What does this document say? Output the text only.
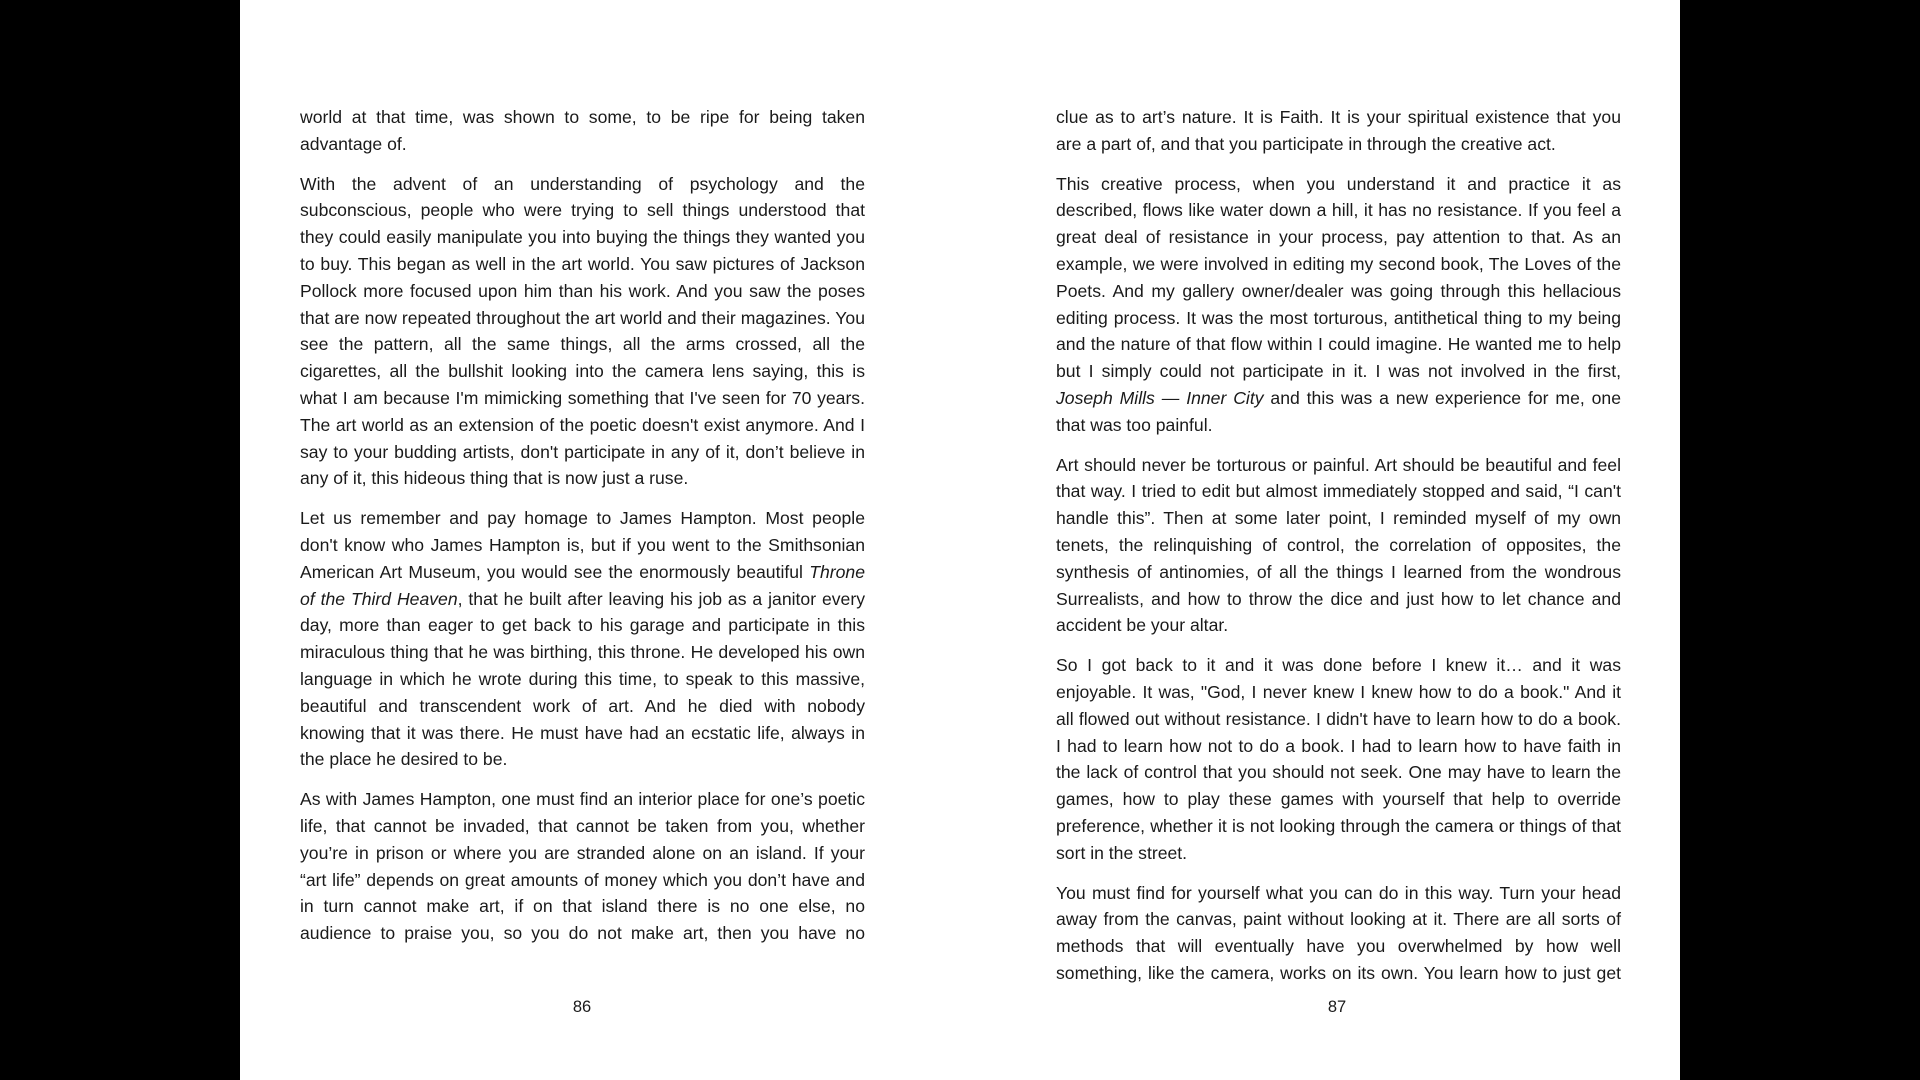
world at that time, was shown to some, to be ripe for being taken advantage of.

With the advent of an understanding of psychology and the subconscious, people who were trying to sell things understood that they could easily manipulate you into buying the things they wanted you to buy. This began as well in the art world. You saw pictures of Jackson Pollock more focused upon him than his work. And you saw the poses that are now repeated throughout the art world and their magazines. You see the pattern, all the same things, all the arms crossed, all the cigarettes, all the bullshit looking into the camera lens saying, this is what I am because I'm mimicking something that I've seen for 70 years. The art world as an extension of the poetic doesn't exist anymore. And I say to your budding artists, don't participate in any of it, don’t believe in any of it, this hideous thing that is now just a ruse.

Let us remember and pay homage to James Hampton. Most people don't know who James Hampton is, but if you went to the Smithsonian American Art Museum, you would see the enormously beautiful Throne of the Third Heaven, that he built after leaving his job as a janitor every day, more than eager to get back to his garage and participate in this miraculous thing that he was birthing, this throne. He developed his own language in which he wrote during this time, to speak to this massive, beautiful and transcendent work of art. And he died with nobody knowing that it was there. He must have had an ecstatic life, always in the place he desired to be.

As with James Hampton, one must find an interior place for one’s poetic life, that cannot be invaded, that cannot be taken from you, whether you’re in prison or where you are stranded alone on an island. If your “art life” depends on great amounts of money which you don’t have and in turn cannot make art, if on that island there is no one else, no audience to praise you, so you do not make art, then you have no

86

clue as to art’s nature. It is Faith. It is your spiritual existence that you are a part of, and that you participate in through the creative act.

This creative process, when you understand it and practice it as described, flows like water down a hill, it has no resistance. If you feel a great deal of resistance in your process, pay attention to that. As an example, we were involved in editing my second book, The Loves of the Poets. And my gallery owner/dealer was going through this hellacious editing process. It was the most torturous, antithetical thing to my being and the nature of that flow within I could imagine. He wanted me to help but I simply could not participate in it. I was not involved in the first, Joseph Mills — Inner City and this was a new experience for me, one that was too painful.

Art should never be torturous or painful. Art should be beautiful and feel that way. I tried to edit but almost immediately stopped and said, “I can't handle this”. Then at some later point, I reminded myself of my own tenets, the relinquishing of control, the correlation of opposites, the synthesis of antinomies, of all the things I learned from the wondrous Surrealists, and how to throw the dice and just how to let chance and accident be your altar.

So I got back to it and it was done before I knew it… and it was enjoyable. It was, "God, I never knew I knew how to do a book." And it all flowed out without resistance. I didn't have to learn how to do a book. I had to learn how not to do a book. I had to learn how to have faith in the lack of control that you should not seek. One may have to learn the games, how to play these games with yourself that help to override preference, whether it is not looking through the camera or things of that sort in the street.

You must find for yourself what you can do in this way. Turn your head away from the canvas, paint without looking at it. There are all sorts of methods that will eventually have you overwhelmed by how well something, like the camera, works on its own. You learn how to just get

87
